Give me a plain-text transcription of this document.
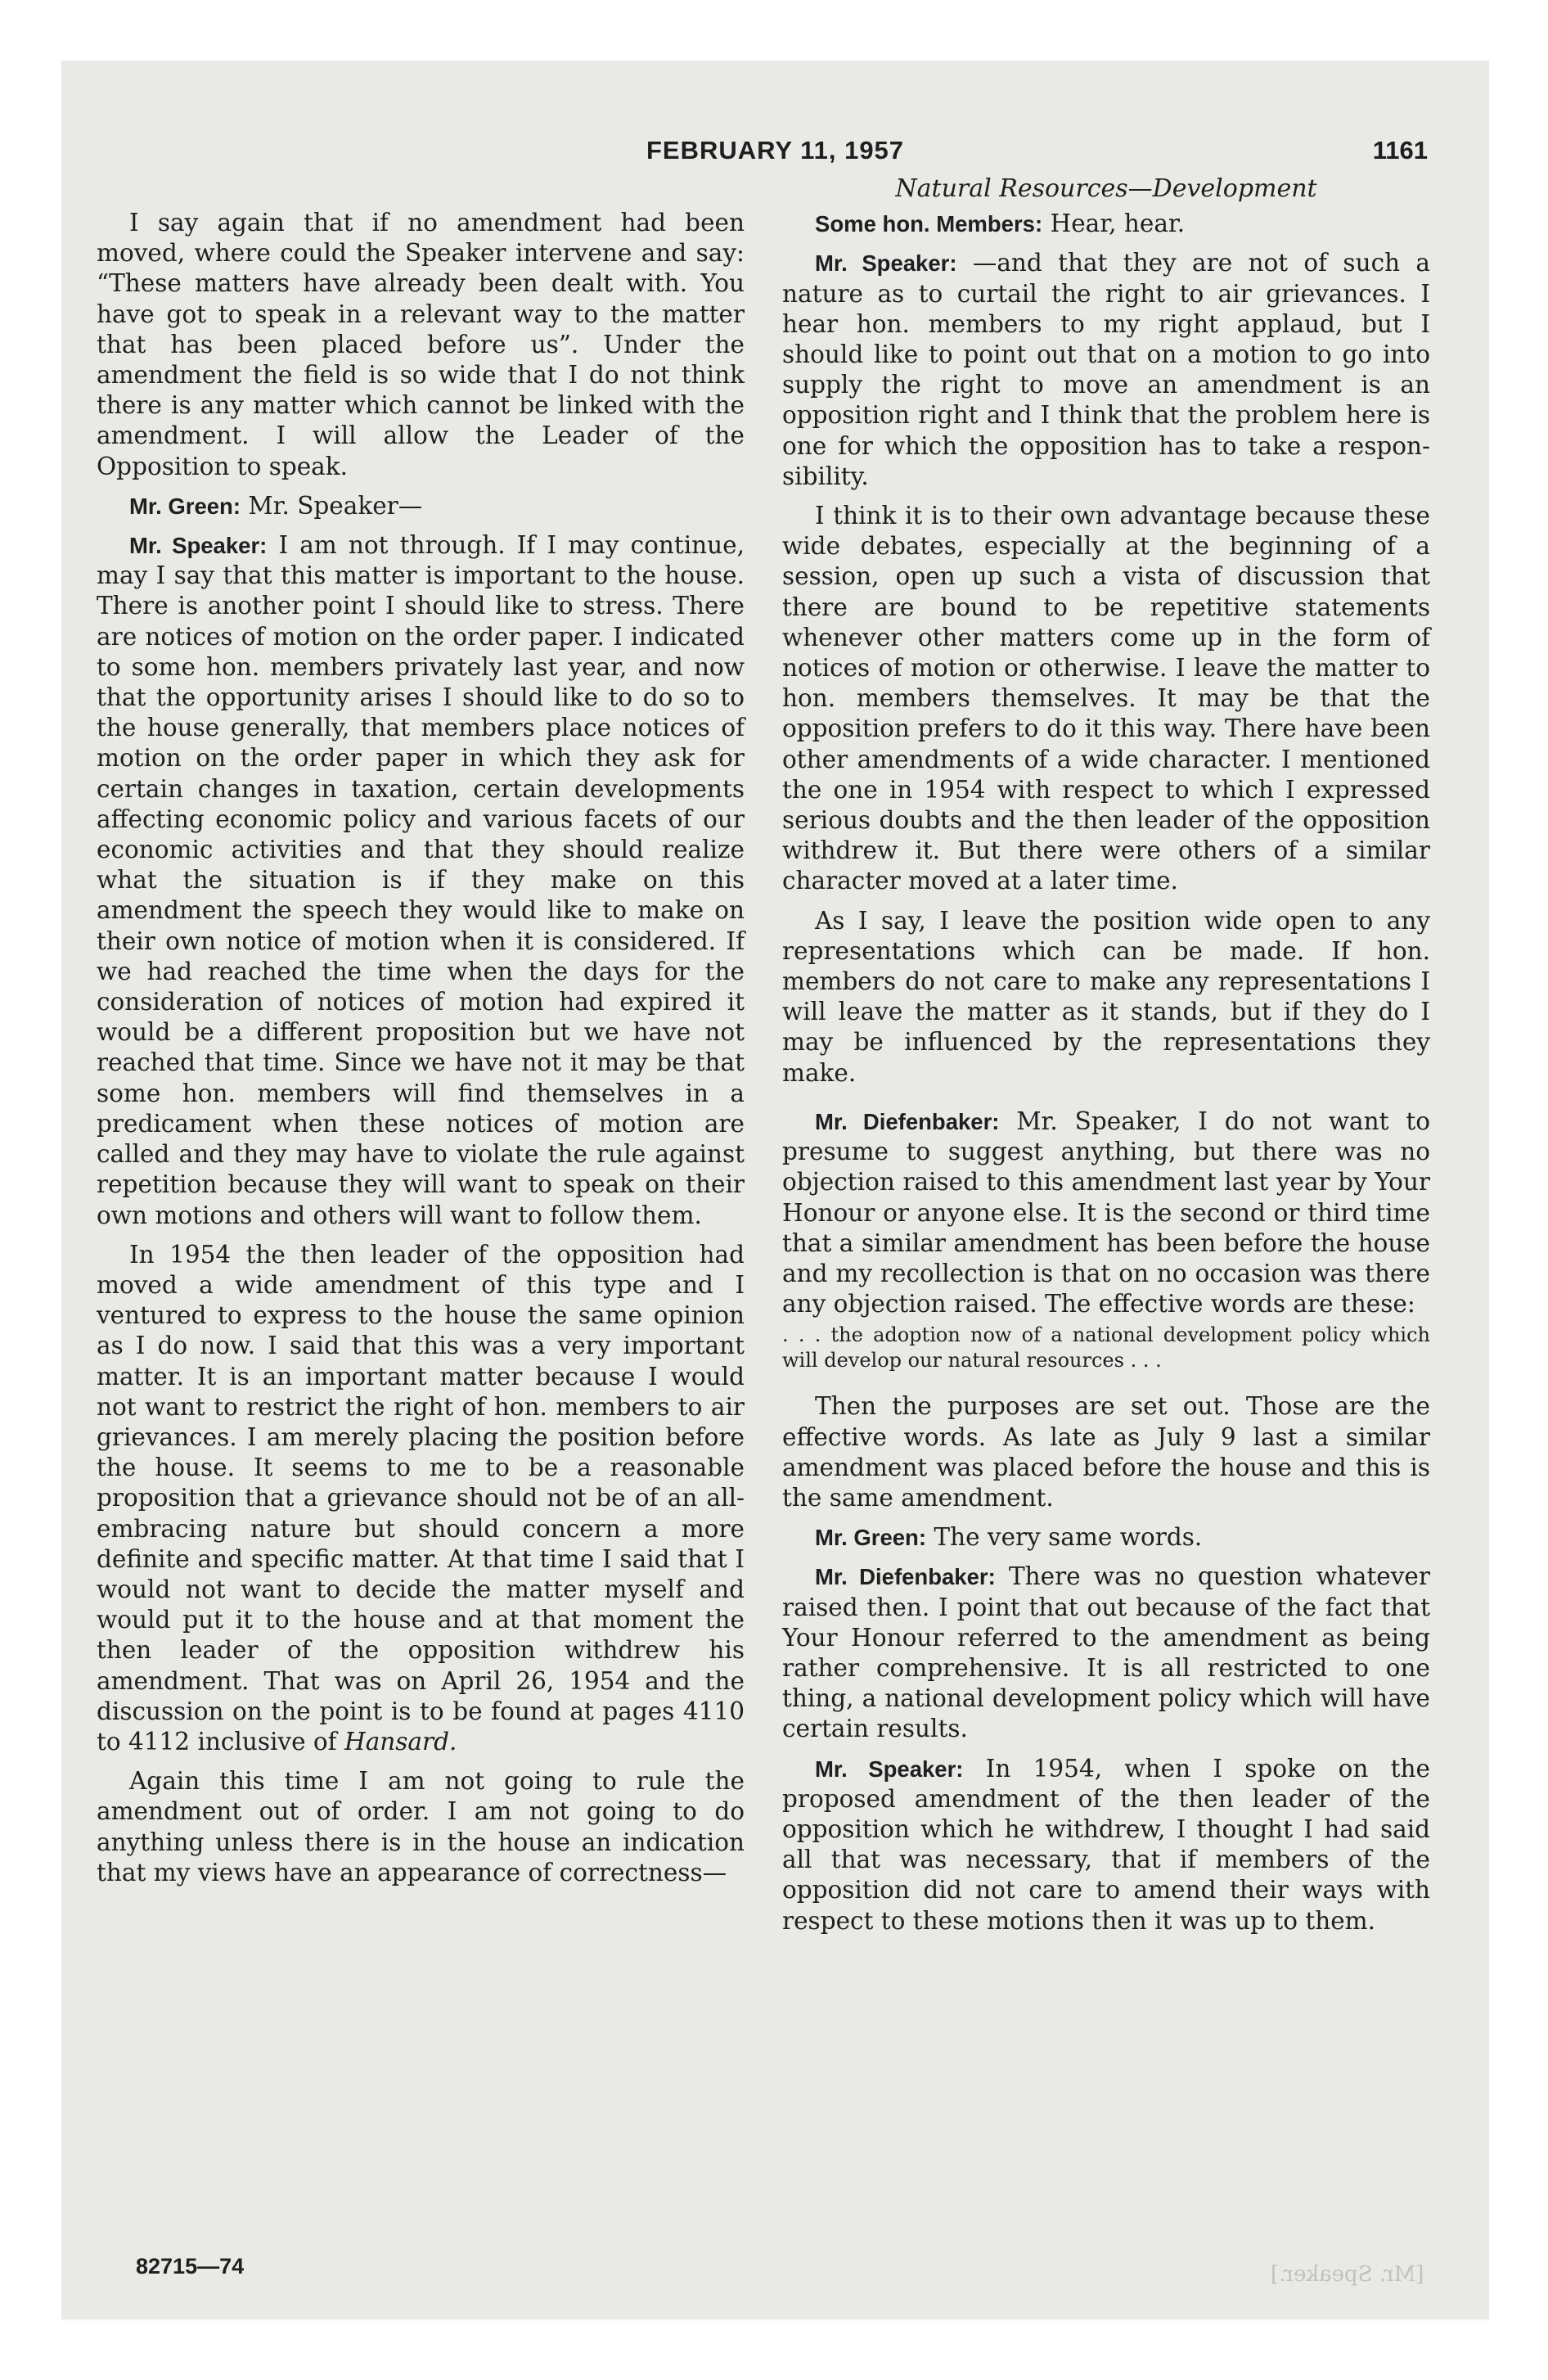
FEBRUARY 11, 1957	1161

I say again that if no amendment had been moved, where could the Speaker intervene and say: “These matters have already been dealt with. You have got to speak in a relevant way to the matter that has been placed before us”. Under the amendment the field is so wide that I do not think there is any matter which cannot be linked with the amendment. I will allow the Leader of the Opposition to speak.

Mr. Green: Mr. Speaker—

Mr. Speaker: I am not through. If I may continue, may I say that this matter is important to the house. There is another point I should like to stress. There are notices of motion on the order paper. I indicated to some hon. members privately last year, and now that the opportunity arises I should like to do so to the house generally, that members place notices of motion on the order paper in which they ask for certain changes in taxation, certain developments affecting economic policy and various facets of our economic activities and that they should realize what the situation is if they make on this amendment the speech they would like to make on their own notice of motion when it is considered. If we had reached the time when the days for the consideration of notices of motion had expired it would be a different proposition but we have not reached that time. Since we have not it may be that some hon. members will find themselves in a predicament when these notices of motion are called and they may have to violate the rule against repetition because they will want to speak on their own motions and others will want to follow them.

In 1954 the then leader of the opposition had moved a wide amendment of this type and I ventured to express to the house the same opinion as I do now. I said that this was a very important matter. It is an important matter because I would not want to restrict the right of hon. members to air grievances. I am merely placing the position before the house. It seems to me to be a reasonable proposition that a grievance should not be of an all-embracing nature but should concern a more definite and specific matter. At that time I said that I would not want to decide the matter myself and would put it to the house and at that moment the then leader of the opposition withdrew his amendment. That was on April 26, 1954 and the discussion on the point is to be found at pages 4110 to 4112 inclusive of Hansard.

Again this time I am not going to rule the amendment out of order. I am not going to do anything unless there is in the house an indication that my views have an appearance of correctness—

Natural Resources—Development

Some hon. Members: Hear, hear.

Mr. Speaker: —and that they are not of such a nature as to curtail the right to air grievances. I hear hon. members to my right applaud, but I should like to point out that on a motion to go into supply the right to move an amendment is an opposition right and I think that the problem here is one for which the opposition has to take a responsibility.

I think it is to their own advantage because these wide debates, especially at the beginning of a session, open up such a vista of discussion that there are bound to be repetitive statements whenever other matters come up in the form of notices of motion or otherwise. I leave the matter to hon. members themselves. It may be that the opposition prefers to do it this way. There have been other amendments of a wide character. I mentioned the one in 1954 with respect to which I expressed serious doubts and the then leader of the opposition withdrew it. But there were others of a similar character moved at a later time.

As I say, I leave the position wide open to any representations which can be made. If hon. members do not care to make any representations I will leave the matter as it stands, but if they do I may be influenced by the representations they make.

Mr. Diefenbaker: Mr. Speaker, I do not want to presume to suggest anything, but there was no objection raised to this amendment last year by Your Honour or anyone else. It is the second or third time that a similar amendment has been before the house and my recollection is that on no occasion was there any objection raised. The effective words are these:

. . . the adoption now of a national development policy which will develop our natural resources . . .

Then the purposes are set out. Those are the effective words. As late as July 9 last a similar amendment was placed before the house and this is the same amendment.

Mr. Green: The very same words.

Mr. Diefenbaker: There was no question whatever raised then. I point that out because of the fact that Your Honour referred to the amendment as being rather comprehensive. It is all restricted to one thing, a national development policy which will have certain results.

Mr. Speaker: In 1954, when I spoke on the proposed amendment of the then leader of the opposition which he withdrew, I thought I had said all that was necessary, that if members of the opposition did not care to amend their ways with respect to these motions then it was up to them.

82715—74	[Mr. Speaker.]
